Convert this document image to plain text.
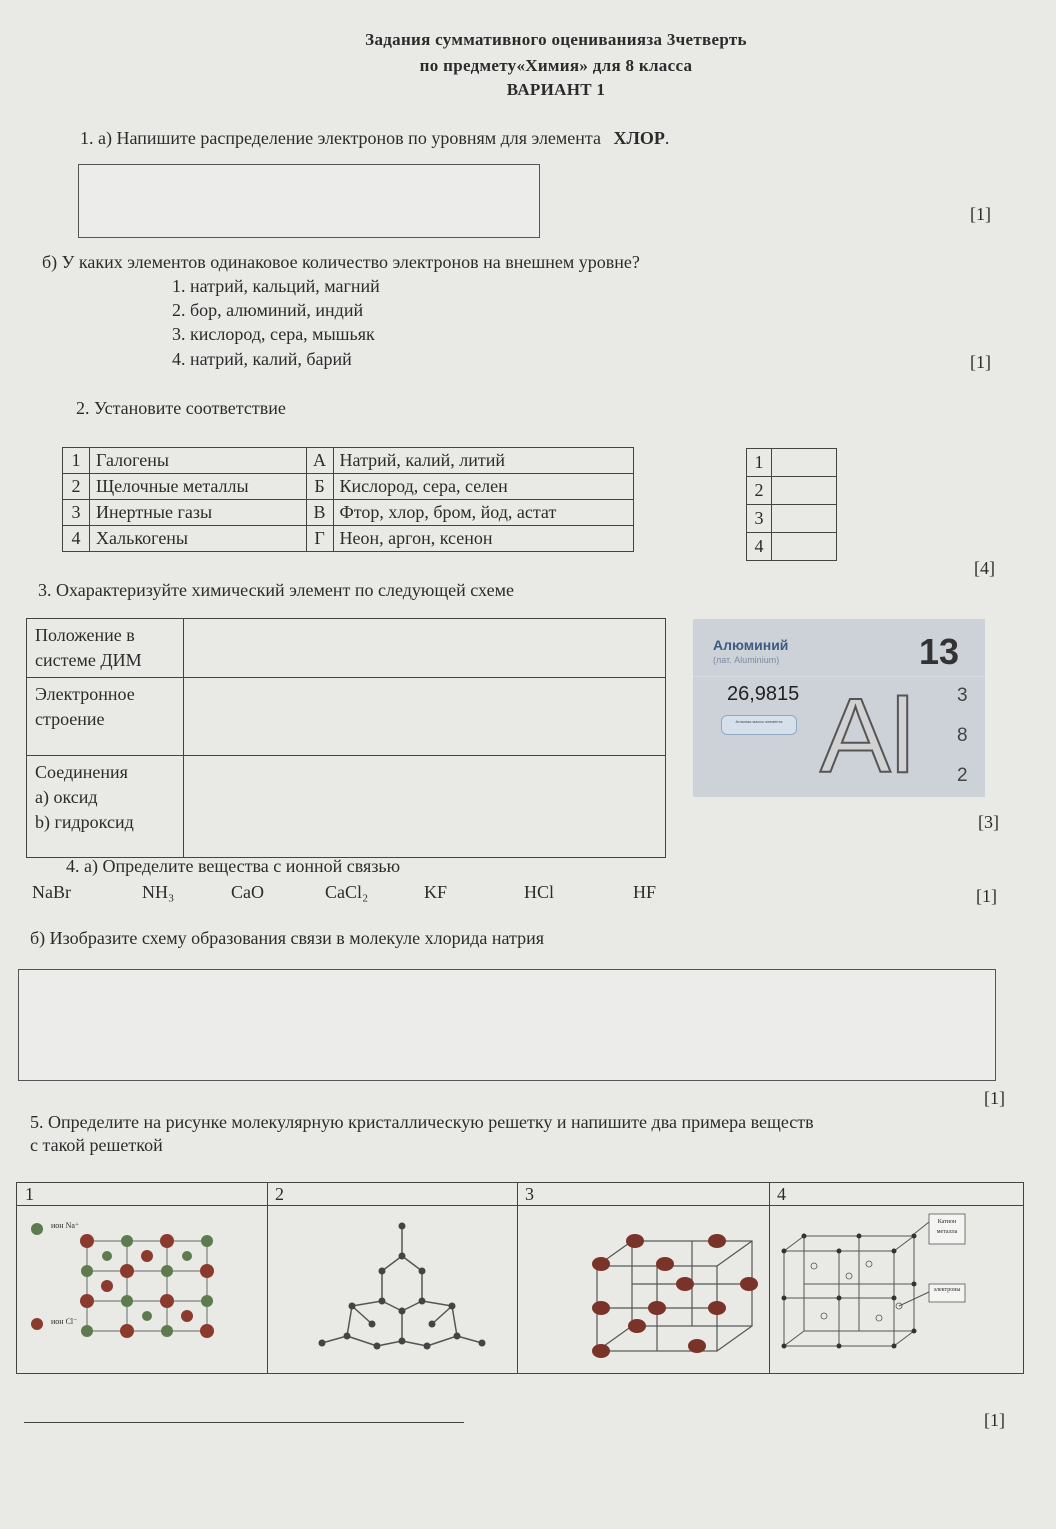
Задания суммативного оцениванияза 3четверть
по предмету«Химия» для 8 класса
ВАРИАНТ 1
1. а) Напишите распределение электронов по уровням для элемента ХЛОР.
[1]
б) У каких элементов одинаковое количество электронов на внешнем уровне?
1. натрий, кальций, магний
2. бор, алюминий, индий
3. кислород, сера, мышьяк
4. натрий, калий, барий	[1]
2. Установите соответствие
1	Галогены	А	Натрий, калий, литий
2	Щелочные металлы	Б	Кислород, сера, селен
3	Инертные газы	В	Фтор, хлор, бром, йод, астат
4	Халькогены	Г	Неон, аргон, ксенон
1	
2	
3	
4	
[4]
3. Охарактеризуйте химический элемент по следующей схеме
Положение в системе ДИМ	
Электронное строение	

Соединения
а) оксид
b) гидроксид	

Алюминий
(лат. Aluminium)	13
26,9815
Атомная масса элемента Al 3
8
2
[3]
4. а) Определите вещества с ионной связью
NaBr	NH₃	CaO	CaCl₂	KF	HCl	HF	[1]
б) Изобразите схему образования связи в молекуле хлорида натрия
[1]
5. Определите на рисунке молекулярную кристаллическую решетку и напишите два примера веществ
с такой решеткой
1
ион Na⁺
ион Cl⁻
2	3	4
Катион металла
электроны
[1]
